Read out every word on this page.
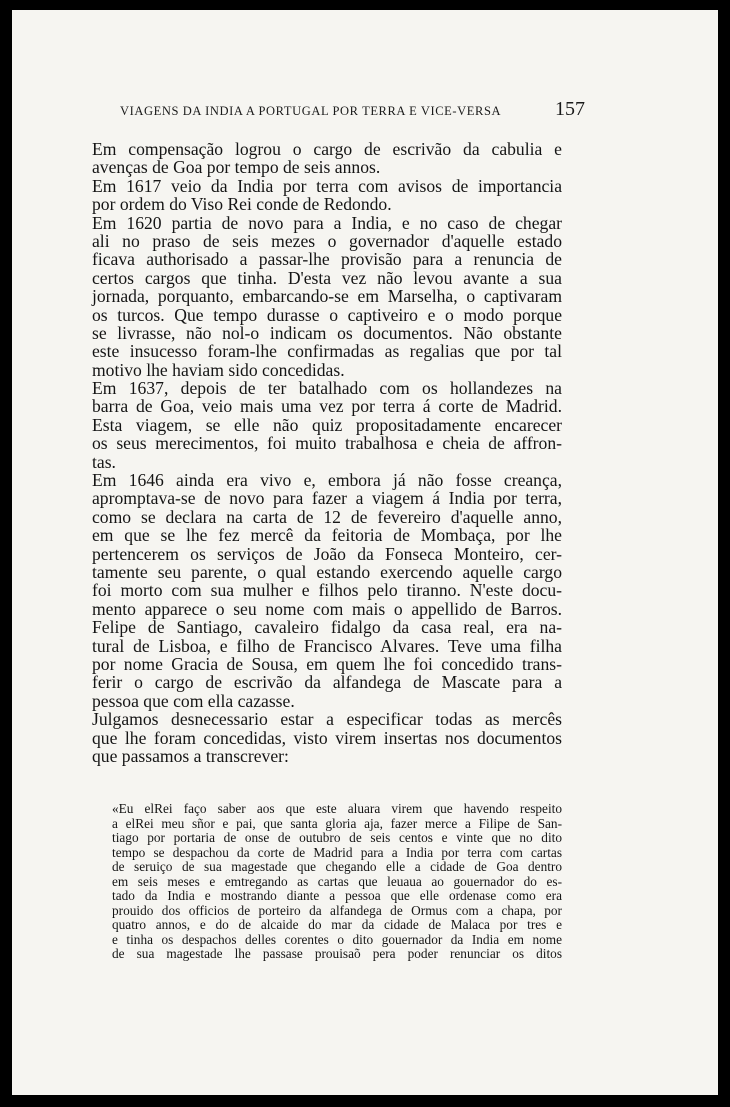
VIAGENS DA INDIA A PORTUGAL POR TERRA E VICE-VERSA	157
Em compensação logrou o cargo de escrivão da cabulia e
avenças de Goa por tempo de seis annos.
Em 1617 veio da India por terra com avisos de importancia
por ordem do Viso Rei conde de Redondo.
Em 1620 partia de novo para a India, e no caso de chegar
ali no praso de seis mezes o governador d'aquelle estado
ficava authorisado a passar-lhe provisão para a renuncia de
certos cargos que tinha. D'esta vez não levou avante a sua
jornada, porquanto, embarcando-se em Marselha, o captivaram
os turcos. Que tempo durasse o captiveiro e o modo porque
se livrasse, não nol-o indicam os documentos. Não obstante
este insucesso foram-lhe confirmadas as regalias que por tal
motivo lhe haviam sido concedidas.
Em 1637, depois de ter batalhado com os hollandezes na
barra de Goa, veio mais uma vez por terra á corte de Madrid.
Esta viagem, se elle não quiz propositadamente encarecer
os seus merecimentos, foi muito trabalhosa e cheia de affron-
tas.
Em 1646 ainda era vivo e, embora já não fosse creança,
apromptava-se de novo para fazer a viagem á India por terra,
como se declara na carta de 12 de fevereiro d'aquelle anno,
em que se lhe fez mercê da feitoria de Mombaça, por lhe
pertencerem os serviços de João da Fonseca Monteiro, cer-
tamente seu parente, o qual estando exercendo aquelle cargo
foi morto com sua mulher e filhos pelo tiranno. N'este docu-
mento apparece o seu nome com mais o appellido de Barros.
Felipe de Santiago, cavaleiro fidalgo da casa real, era na-
tural de Lisboa, e filho de Francisco Alvares. Teve uma filha
por nome Gracia de Sousa, em quem lhe foi concedido trans-
ferir o cargo de escrivão da alfandega de Mascate para a
pessoa que com ella cazasse.
Julgamos desnecessario estar a especificar todas as mercês
que lhe foram concedidas, visto virem insertas nos documentos
que passamos a transcrever:
«Eu elRei faço saber aos que este aluara virem que havendo respeito
a elRei meu sñor e pai, que santa gloria aja, fazer merce a Filipe de San-
tiago por portaria de onse de outubro de seis centos e vinte que no dito
tempo se despachou da corte de Madrid para a India por terra com cartas
de seruiço de sua magestade que chegando elle a cidade de Goa dentro
em seis meses e emtregando as cartas que leuaua ao gouernador do es-
tado da India e mostrando diante a pessoa que elle ordenase como era
prouido dos officios de porteiro da alfandega de Ormus com a chapa, por
quatro annos, e do de alcaide do mar da cidade de Malaca por tres e
e tinha os despachos delles corentes o dito gouernador da India em nome
de sua magestade lhe passase prouisaõ pera poder renunciar os ditos
